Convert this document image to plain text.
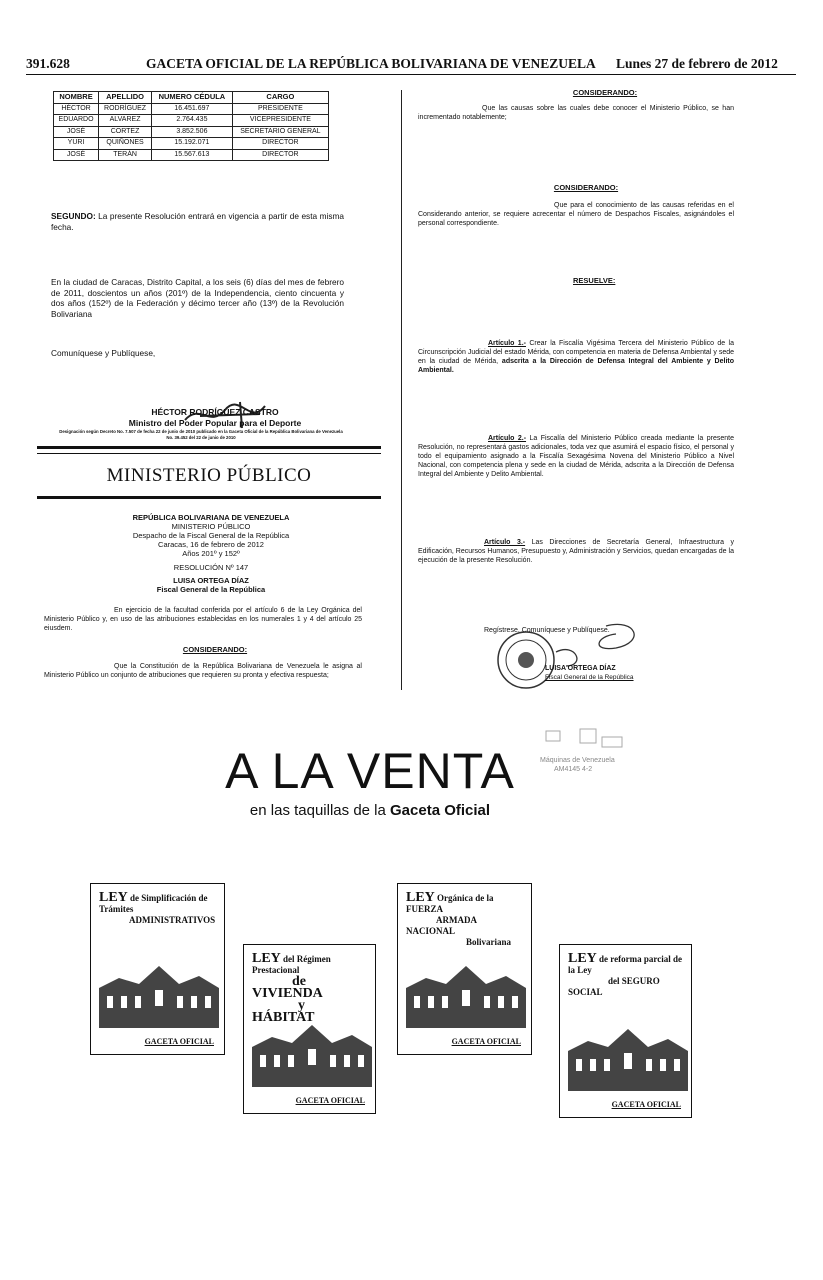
391.628	GACETA OFICIAL DE LA REPÚBLICA BOLIVARIANA DE VENEZUELA Lunes 27 de febrero de 2012
NOMBRE	APELLIDO	NUMERO CÉDULA	CARGO
HÉCTOR	RODRÍGUEZ	16.451.697	PRESIDENTE
EDUARDO	ALVAREZ	2.764.435	VICEPRESIDENTE
JOSÉ	CORTEZ	3.852.506	SECRETARIO GENERAL
YURI	QUIÑONES	15.192.071	DIRECTOR
JOSÉ	TERÁN	15.567.613	DIRECTOR
SEGUNDO: La presente Resolución entrará en vigencia a partir de esta misma fecha.
En la ciudad de Caracas, Distrito Capital, a los seis (6) días del mes de febrero de 2011, doscientos un años (201º) de la Independencia, ciento cincuenta y dos años (152º) de la Federación y décimo tercer año (13º) de la Revolución Bolivariana
Comuníquese y Publíquese,
HÉCTOR RODRÍGUEZ CASTRO
Ministro del Poder Popular para el Deporte
Designación según Decreto No. 7.507 de fecha 22 de junio de 2010 publicado en la Gaceta Oficial de la República Bolivariana de Venezuela No. 39.452 del 22 de junio de 2010
MINISTERIO PÚBLICO
REPÚBLICA BOLIVARIANA DE VENEZUELA
MINISTERIO PÚBLICO
Despacho de la Fiscal General de la República
Caracas, 16 de febrero de 2012
Años 201º y 152º
RESOLUCIÓN Nº 147
LUISA ORTEGA DÍAZ
Fiscal General de la República
En ejercicio de la facultad conferida por el artículo 6 de la Ley Orgánica del Ministerio Público y, en uso de las atribuciones establecidas en los numerales 1 y 4 del artículo 25 eiusdem.
CONSIDERANDO:
Que la Constitución de la República Bolivariana de Venezuela le asigna al Ministerio Público un conjunto de atribuciones que requieren su pronta y efectiva respuesta;
CONSIDERANDO:
Que las causas sobre las cuales debe conocer el Ministerio Público, se han incrementado notablemente;
CONSIDERANDO:
Que para el conocimiento de las causas referidas en el Considerando anterior, se requiere acrecentar el número de Despachos Fiscales, asignándoles el personal correspondiente.
RESUELVE:
Artículo 1.- Crear la Fiscalía Vigésima Tercera del Ministerio Público de la Circunscripción Judicial del estado Mérida, con competencia en materia de Defensa Ambiental y sede en la ciudad de Mérida, adscrita a la Dirección de Defensa Integral del Ambiente y Delito Ambiental.
Artículo 2.- La Fiscalía del Ministerio Público creada mediante la presente Resolución, no representará gastos adicionales, toda vez que asumirá el espacio físico, el personal y todo el equipamiento asignado a la Fiscalía Sexagésima Novena del Ministerio Público a Nivel Nacional, con competencia plena y sede en la ciudad de Mérida, adscrita a la Dirección de Defensa Integral del Ambiente y Delito Ambiental.
Artículo 3.- Las Direcciones de Secretaría General, Infraestructura y Edificación, Recursos Humanos, Presupuesto y, Administración y Servicios, quedan encargadas de la ejecución de la presente Resolución.
Regístrese, Comuníquese y Publíquese.
LUISA ORTEGA DÍAZ
Fiscal General de la República
Máquinas de Venezuela
AM4145 4-2
A LA VENTA
en las taquillas de la Gaceta Oficial
LEY de Simplificación de Trámites
ADMINISTRATIVOS
GACETA OFICIAL
LEY del Régimen Prestacional
de VIVIENDA
y HÁBITAT
GACETA OFICIAL
LEY Orgánica de la FUERZA
ARMADA NACIONAL
Bolivariana
GACETA OFICIAL
LEY de reforma parcial de la Ley
del SEGURO SOCIAL
GACETA OFICIAL
